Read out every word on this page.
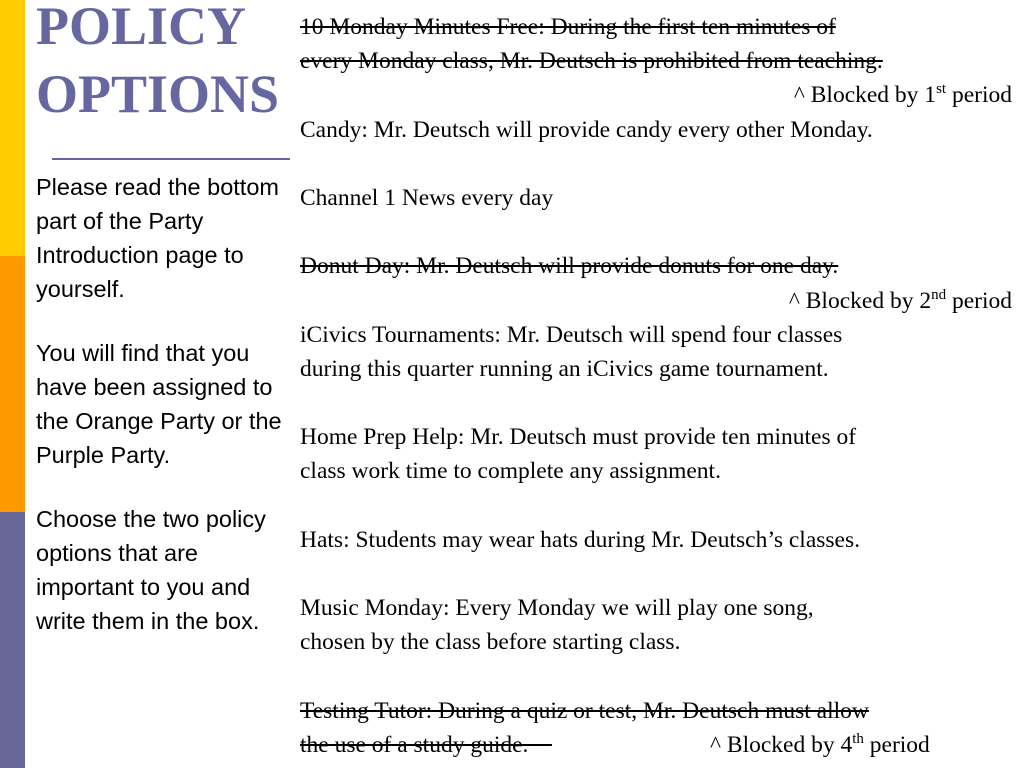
POLICY
OPTIONS

Please read the bottom part of the Party Introduction page to yourself.

You will find that you have been assigned to the Orange Party or the Purple Party.

Choose the two policy options that are important to you and write them in the box.

10 Monday Minutes Free: During the first ten minutes of
every Monday class, Mr. Deutsch is prohibited from teaching.
^ Blocked by 1st period
Candy: Mr. Deutsch will provide candy every other Monday.
Channel 1 News every day
Donut Day: Mr. Deutsch will provide donuts for one day.
^ Blocked by 2nd period
iCivics Tournaments: Mr. Deutsch will spend four classes
during this quarter running an iCivics game tournament.
Home Prep Help: Mr. Deutsch must provide ten minutes of
class work time to complete any assignment.
Hats: Students may wear hats during Mr. Deutsch’s classes.
Music Monday: Every Monday we will play one song,
chosen by the class before starting class.
Testing Tutor: During a quiz or test, Mr. Deutsch must allow
the use of a study guide.	^ Blocked by 4th period
